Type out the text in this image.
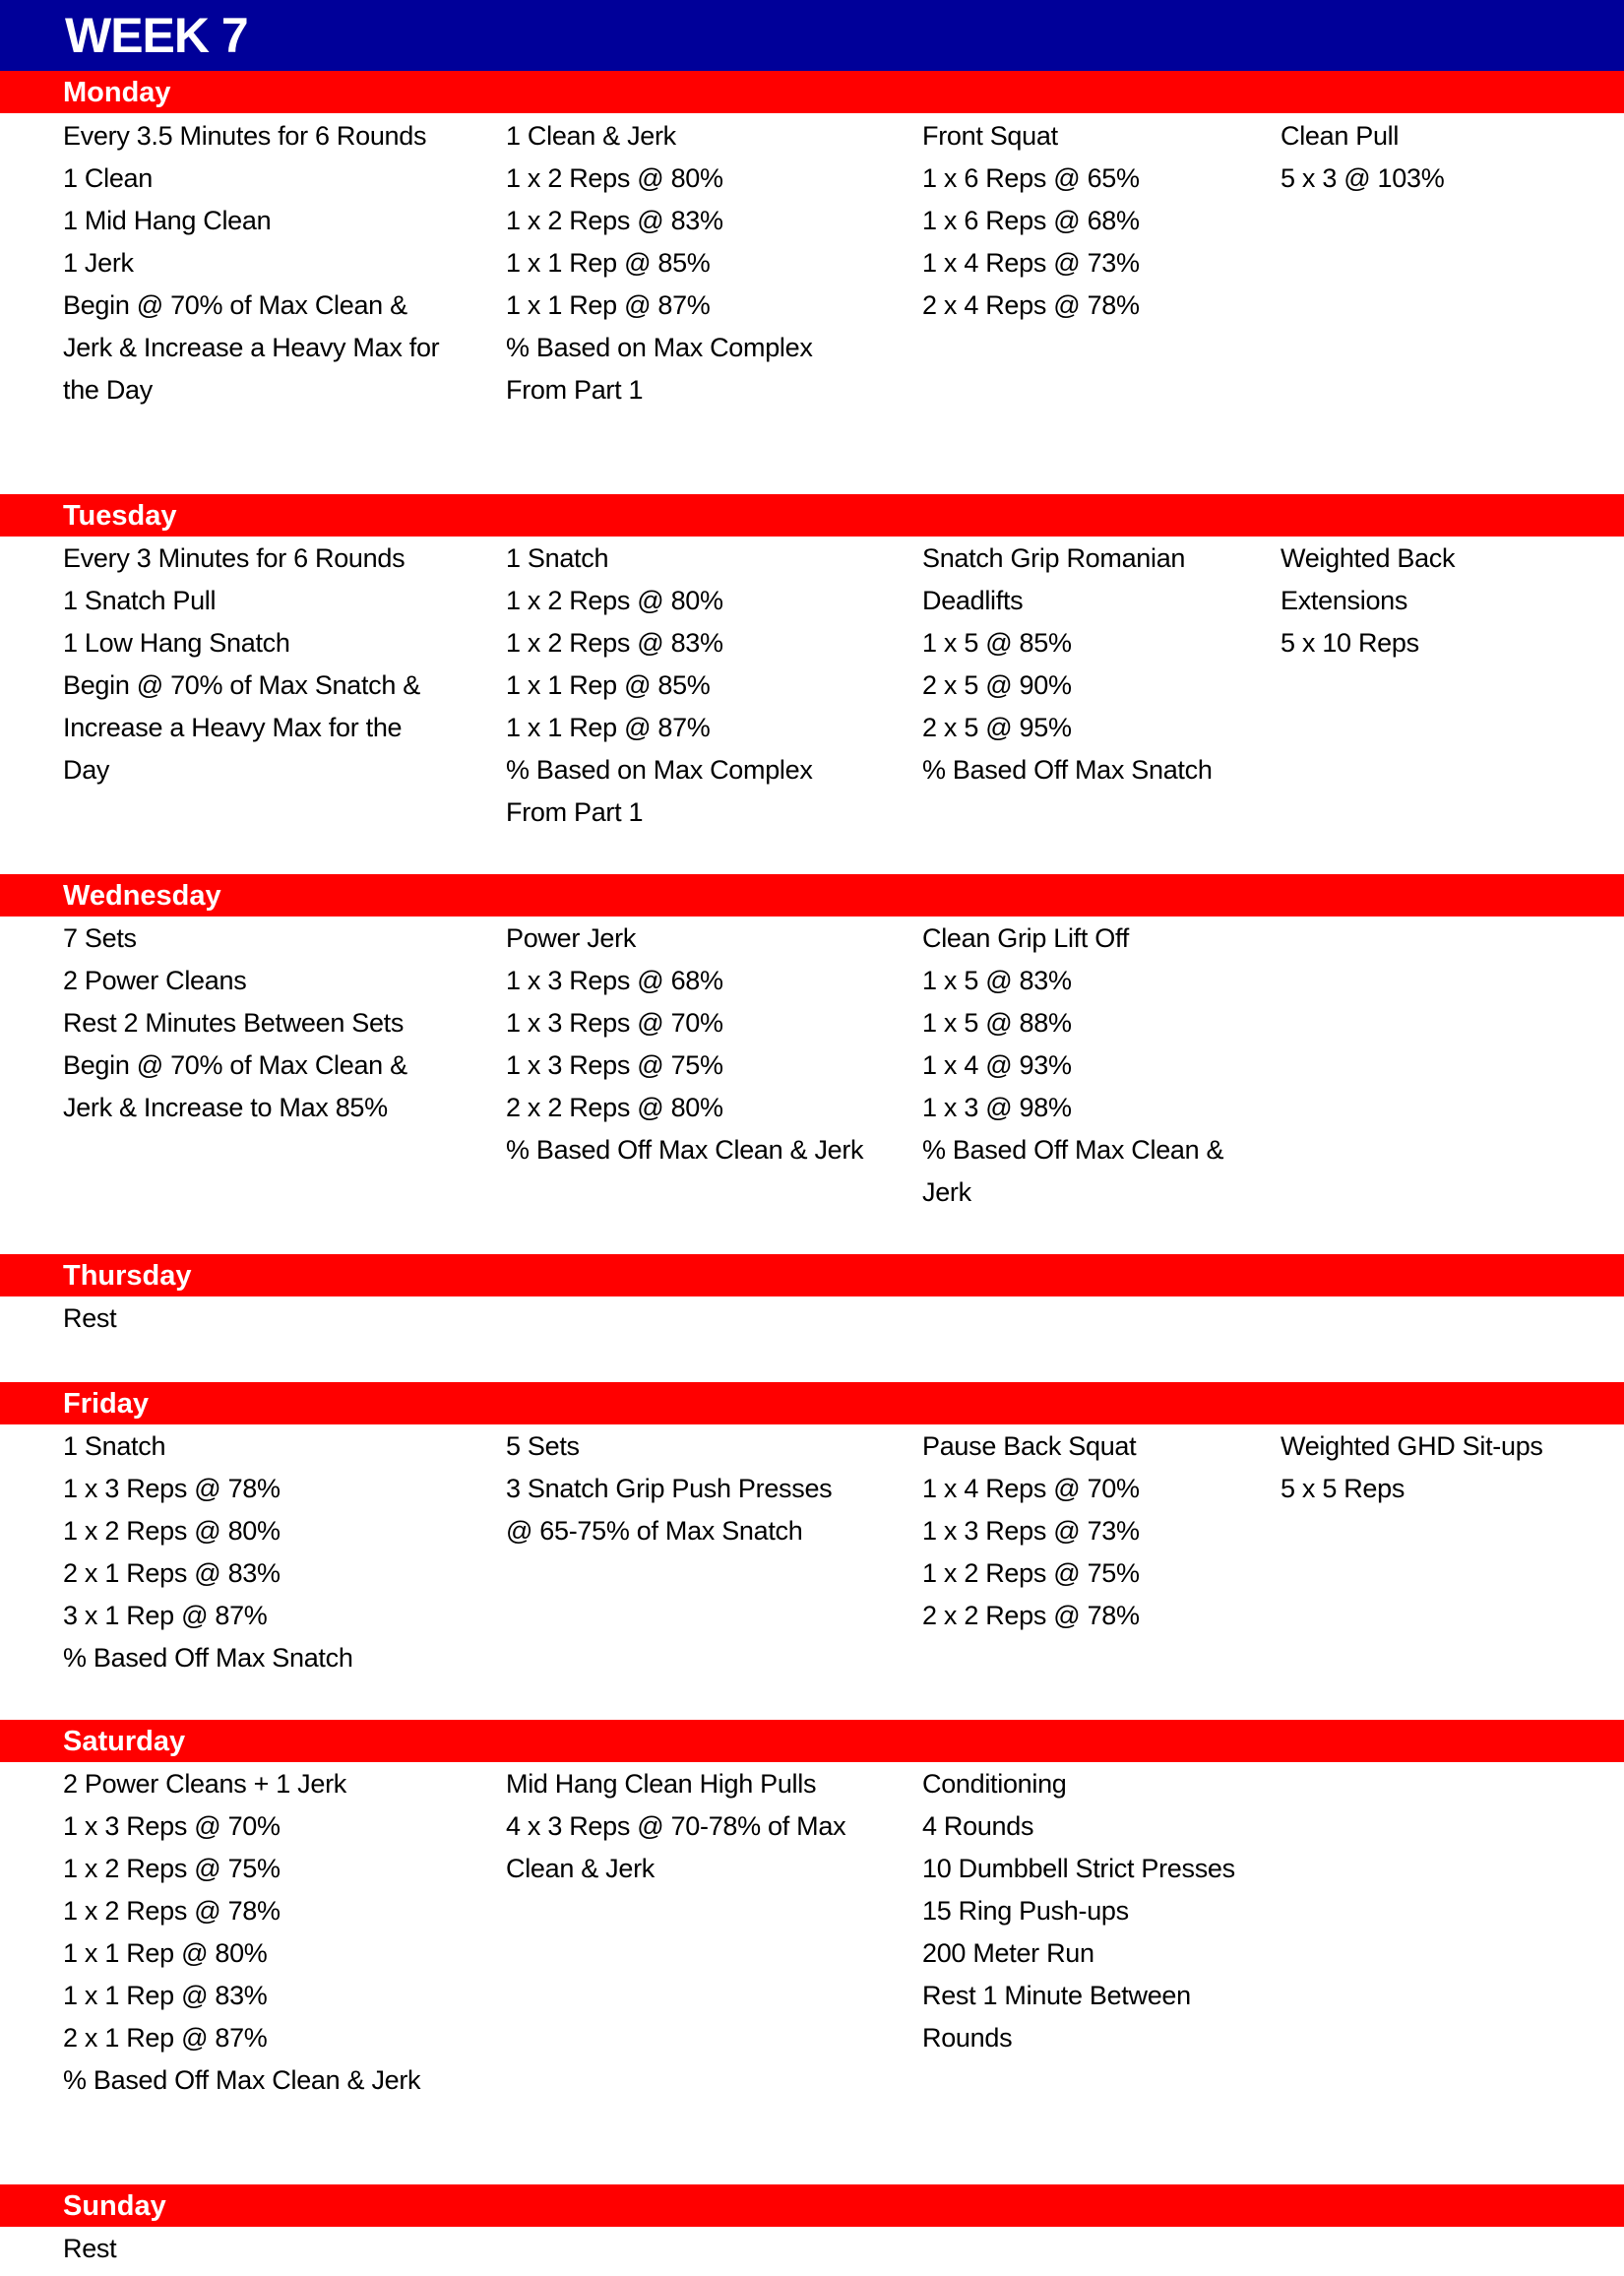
WEEK 7
Monday
Every 3.5 Minutes for 6 Rounds
1 Clean
1 Mid Hang Clean
1 Jerk
Begin @ 70% of Max Clean &
Jerk & Increase a Heavy Max for
the Day
1 Clean & Jerk
1 x 2 Reps @ 80%
1 x 2 Reps @ 83%
1 x 1 Rep @ 85%
1 x 1 Rep @ 87%
% Based on Max Complex
From Part 1
Front Squat
1 x 6 Reps @ 65%
1 x 6 Reps @ 68%
1 x 4 Reps @ 73%
2 x 4 Reps @ 78%
Clean Pull
5 x 3 @ 103%
Tuesday
Every 3 Minutes for 6 Rounds
1 Snatch Pull
1 Low Hang Snatch
Begin @ 70% of Max Snatch &
Increase a Heavy Max for the
Day
1 Snatch
1 x 2 Reps @ 80%
1 x 2 Reps @ 83%
1 x 1 Rep @ 85%
1 x 1 Rep @ 87%
% Based on Max Complex
From Part 1
Snatch Grip Romanian
Deadlifts
1 x 5 @ 85%
2 x 5 @ 90%
2 x 5 @ 95%
% Based Off Max Snatch
Weighted Back
Extensions
5 x 10 Reps
Wednesday
7 Sets
2 Power Cleans
Rest 2 Minutes Between Sets
Begin @ 70% of Max Clean &
Jerk & Increase to Max 85%
Power Jerk
1 x 3 Reps @ 68%
1 x 3 Reps @ 70%
1 x 3 Reps @ 75%
2 x 2 Reps @ 80%
% Based Off Max Clean & Jerk
Clean Grip Lift Off
1 x 5 @ 83%
1 x 5 @ 88%
1 x 4 @ 93%
1 x 3 @ 98%
% Based Off Max Clean &
Jerk
Thursday
Rest
Friday
1 Snatch
1 x 3 Reps @ 78%
1 x 2 Reps @ 80%
2 x 1 Reps @ 83%
3 x 1 Rep @ 87%
% Based Off Max Snatch
5 Sets
3 Snatch Grip Push Presses
@ 65-75% of Max Snatch
Pause Back Squat
1 x 4 Reps @ 70%
1 x 3 Reps @ 73%
1 x 2 Reps @ 75%
2 x 2 Reps @ 78%
Weighted GHD Sit-ups
5 x 5 Reps
Saturday
2 Power Cleans + 1 Jerk
1 x 3 Reps @ 70%
1 x 2 Reps @ 75%
1 x 2 Reps @ 78%
1 x 1 Rep @ 80%
1 x 1 Rep @ 83%
2 x 1 Rep @ 87%
% Based Off Max Clean & Jerk
Mid Hang Clean High Pulls
4 x 3 Reps @ 70-78% of Max
Clean & Jerk
Conditioning
4 Rounds
10 Dumbbell Strict Presses
15 Ring Push-ups
200 Meter Run
Rest 1 Minute Between
Rounds
Sunday
Rest
